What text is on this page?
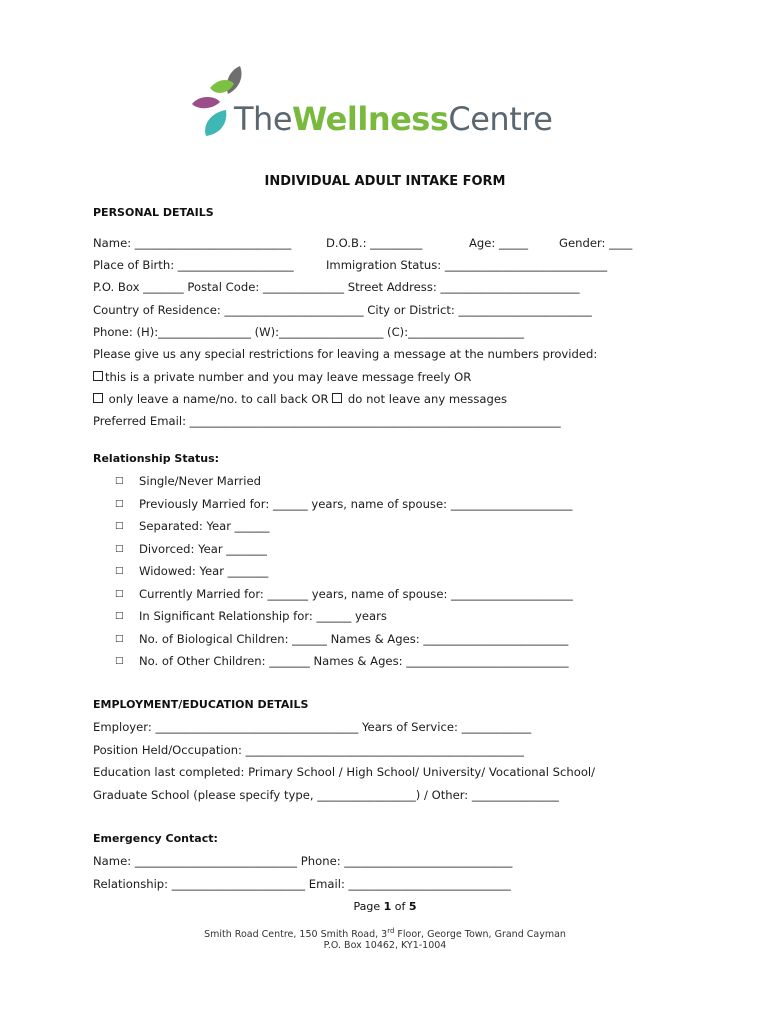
TheWellnessCentre
INDIVIDUAL ADULT INTAKE FORM
PERSONAL DETAILS
Name: ___________________________	D.O.B.: _________	Age: _____	Gender: ____
Place of Birth: ____________________	Immigration Status: ____________________________
P.O. Box _______ Postal Code: ______________ Street Address: ________________________
Country of Residence: ________________________ City or District: _______________________
Phone: (H):________________ (W):__________________ (C):____________________
Please give us any special restrictions for leaving a message at the numbers provided:
this is a private number and you may leave message freely OR
only leave a name/no. to call back OR  do not leave any messages
Preferred Email: ________________________________________________________________
Relationship Status:
□ Single/Never Married
□ Previously Married for: ______ years, name of spouse: _____________________
□ Separated: Year ______
□ Divorced: Year _______
□ Widowed: Year _______
□ Currently Married for: _______ years, name of spouse: _____________________
□ In Significant Relationship for: ______ years
□ No. of Biological Children: ______ Names & Ages: _________________________
□ No. of Other Children: _______ Names & Ages: ____________________________
EMPLOYMENT/EDUCATION DETAILS
Employer: ___________________________________ Years of Service: ____________
Position Held/Occupation: ________________________________________________
Education last completed: Primary School / High School/ University/ Vocational School/
Graduate School (please specify type, _________________) / Other: _______________
Emergency Contact:
Name: ____________________________ Phone: _____________________________
Relationship: _______________________ Email: ____________________________
Page 1 of 5
Smith Road Centre, 150 Smith Road, 3rd Floor, George Town, Grand Cayman
P.O. Box 10462, KY1-1004
